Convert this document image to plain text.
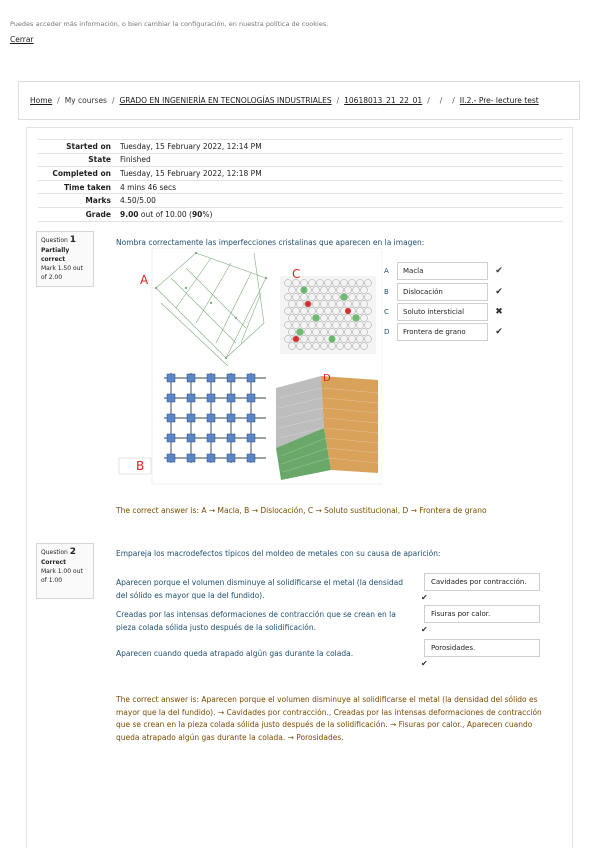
Puedes acceder más información, o bien cambiar la configuración, en nuestra política de cookies.
Cerrar
Home / My courses / GRADO EN INGENIERÍA EN TECNOLOGÍAS INDUSTRIALES / 10618013_21_22_01 / / / II.2.- Pre- lecture test
Started on	Tuesday, 15 February 2022, 12:14 PM
State	Finished
Completed on	Tuesday, 15 February 2022, 12:18 PM
Time taken	4 mins 46 secs
Marks	4.50/5.00
Grade	9.00 out of 10.00 (90%)
Question 1
Partially correct
Mark 1.50 out of 2.00
Nombra correctamente las imperfecciones cristalinas que aparecen en la imagen:
A
B
C
D
A	Macla	✔
B	Dislocación	✔
C	Soluto intersticial	✖
D	Frontera de grano	✔
The correct answer is: A → Macla, B → Dislocación, C → Soluto sustitucional, D → Frontera de grano
Question 2
Correct
Mark 1.00 out of 1.00
Empareja los macrodefectos típicos del moldeo de metales con su causa de aparición:
Aparecen porque el volumen disminuye al solidificarse el metal (la densidad del sólido es mayor que la del fundido).
Cavidades por contracción.
✔
Creadas por las intensas deformaciones de contracción que se crean en la pieza colada sólida justo después de la solidificación.
Fisuras por calor.
✔
Aparecen cuando queda atrapado algún gas durante la colada.
Porosidades.
✔
The correct answer is: Aparecen porque el volumen disminuye al solidificarse el metal (la densidad del sólido es mayor que la del fundido). → Cavidades por contracción., Creadas por las intensas deformaciones de contracción que se crean en la pieza colada sólida justo después de la solidificación. → Fisuras por calor., Aparecen cuando queda atrapado algún gas durante la colada. → Porosidades.
